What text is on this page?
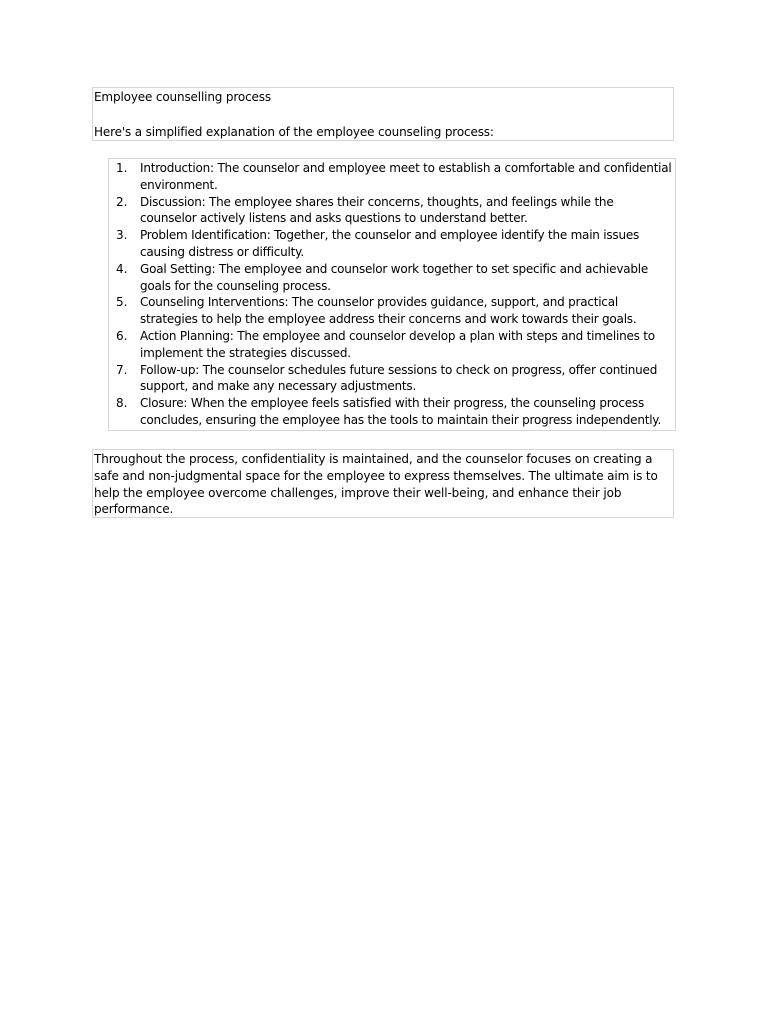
Employee counselling process

Here's a simplified explanation of the employee counseling process:

1. Introduction: The counselor and employee meet to establish a comfortable and confidential environment.
2. Discussion: The employee shares their concerns, thoughts, and feelings while the counselor actively listens and asks questions to understand better.
3. Problem Identification: Together, the counselor and employee identify the main issues causing distress or difficulty.
4. Goal Setting: The employee and counselor work together to set specific and achievable goals for the counseling process.
5. Counseling Interventions: The counselor provides guidance, support, and practical strategies to help the employee address their concerns and work towards their goals.
6. Action Planning: The employee and counselor develop a plan with steps and timelines to implement the strategies discussed.
7. Follow-up: The counselor schedules future sessions to check on progress, offer continued support, and make any necessary adjustments.
8. Closure: When the employee feels satisfied with their progress, the counseling process concludes, ensuring the employee has the tools to maintain their progress independently.

Throughout the process, confidentiality is maintained, and the counselor focuses on creating a safe and non-judgmental space for the employee to express themselves. The ultimate aim is to help the employee overcome challenges, improve their well-being, and enhance their job performance.
